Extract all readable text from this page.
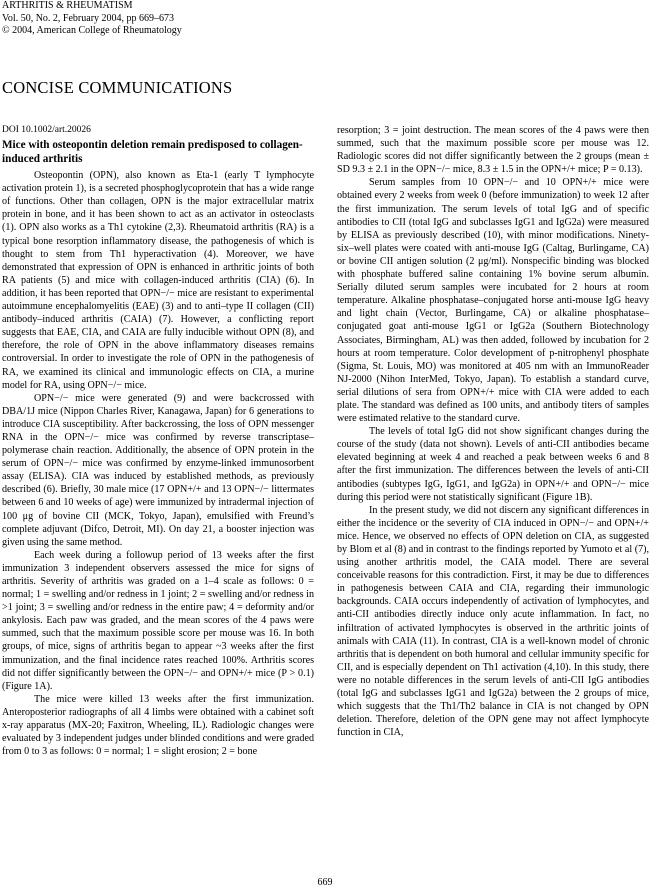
ARTHRITIS & RHEUMATISM
Vol. 50, No. 2, February 2004, pp 669–673
© 2004, American College of Rheumatology
CONCISE COMMUNICATIONS
DOI 10.1002/art.20026
Mice with osteopontin deletion remain predisposed to collagen-induced arthritis

Osteopontin (OPN), also known as Eta-1 (early T lymphocyte activation protein 1), is a secreted phosphoglycoprotein that has a wide range of functions. Other than collagen, OPN is the major extracellular matrix protein in bone, and it has been shown to act as an activator in osteoclasts (1). OPN also works as a Th1 cytokine (2,3). Rheumatoid arthritis (RA) is a typical bone resorption inflammatory disease, the pathogenesis of which is thought to stem from Th1 hyperactivation (4). Moreover, we have demonstrated that expression of OPN is enhanced in arthritic joints of both RA patients (5) and mice with collagen-induced arthritis (CIA) (6). In addition, it has been reported that OPN−/− mice are resistant to experimental autoimmune encephalomyelitis (EAE) (3) and to anti–type II collagen (CII) antibody–induced arthritis (CAIA) (7). However, a conflicting report suggests that EAE, CIA, and CAIA are fully inducible without OPN (8), and therefore, the role of OPN in the above inflammatory diseases remains controversial. In order to investigate the role of OPN in the pathogenesis of RA, we examined its clinical and immunologic effects on CIA, a murine model for RA, using OPN−/− mice.

OPN−/− mice were generated (9) and were backcrossed with DBA/1J mice (Nippon Charles River, Kanagawa, Japan) for 6 generations to introduce CIA susceptibility. After backcrossing, the loss of OPN messenger RNA in the OPN−/− mice was confirmed by reverse transcriptase–polymerase chain reaction. Additionally, the absence of OPN protein in the serum of OPN−/− mice was confirmed by enzyme-linked immunosorbent assay (ELISA). CIA was induced by established methods, as previously described (6). Briefly, 30 male mice (17 OPN+/+ and 13 OPN−/− littermates between 6 and 10 weeks of age) were immunized by intradermal injection of 100 μg of bovine CII (MCK, Tokyo, Japan), emulsified with Freund’s complete adjuvant (Difco, Detroit, MI). On day 21, a booster injection was given using the same method.

Each week during a followup period of 13 weeks after the first immunization 3 independent observers assessed the mice for signs of arthritis. Severity of arthritis was graded on a 1–4 scale as follows: 0 = normal; 1 = swelling and/or redness in 1 joint; 2 = swelling and/or redness in >1 joint; 3 = swelling and/or redness in the entire paw; 4 = deformity and/or ankylosis. Each paw was graded, and the mean scores of the 4 paws were summed, such that the maximum possible score per mouse was 16. In both groups, of mice, signs of arthritis began to appear ~3 weeks after the first immunization, and the final incidence rates reached 100%. Arthritis scores did not differ significantly between the OPN−/− and OPN+/+ mice (P > 0.1) (Figure 1A).

The mice were killed 13 weeks after the first immunization. Anteroposterior radiographs of all 4 limbs were obtained with a cabinet soft x-ray apparatus (MX-20; Faxitron, Wheeling, IL). Radiologic changes were evaluated by 3 independent judges under blinded conditions and were graded from 0 to 3 as follows: 0 = normal; 1 = slight erosion; 2 = bone

resorption; 3 = joint destruction. The mean scores of the 4 paws were then summed, such that the maximum possible score per mouse was 12. Radiologic scores did not differ significantly between the 2 groups (mean ± SD 9.3 ± 2.1 in the OPN−/− mice, 8.3 ± 1.5 in the OPN+/+ mice; P = 0.13).

Serum samples from 10 OPN−/− and 10 OPN+/+ mice were obtained every 2 weeks from week 0 (before immunization) to week 12 after the first immunization. The serum levels of total IgG and of specific antibodies to CII (total IgG and subclasses IgG1 and IgG2a) were measured by ELISA as previously described (10), with minor modifications. Ninety-six–well plates were coated with anti-mouse IgG (Caltag, Burlingame, CA) or bovine CII antigen solution (2 μg/ml). Nonspecific binding was blocked with phosphate buffered saline containing 1% bovine serum albumin. Serially diluted serum samples were incubated for 2 hours at room temperature. Alkaline phosphatase–conjugated horse anti-mouse IgG heavy and light chain (Vector, Burlingame, CA) or alkaline phosphatase–conjugated goat anti-mouse IgG1 or IgG2a (Southern Biotechnology Associates, Birmingham, AL) was then added, followed by incubation for 2 hours at room temperature. Color development of p-nitrophenyl phosphate (Sigma, St. Louis, MO) was monitored at 405 nm with an ImmunoReader NJ-2000 (Nihon InterMed, Tokyo, Japan). To establish a standard curve, serial dilutions of sera from OPN+/+ mice with CIA were added to each plate. The standard was defined as 100 units, and antibody titers of samples were estimated relative to the standard curve.

The levels of total IgG did not show significant changes during the course of the study (data not shown). Levels of anti-CII antibodies became elevated beginning at week 4 and reached a peak between weeks 6 and 8 after the first immunization. The differences between the levels of anti-CII antibodies (subtypes IgG, IgG1, and IgG2a) in OPN+/+ and OPN−/− mice during this period were not statistically significant (Figure 1B).

In the present study, we did not discern any significant differences in either the incidence or the severity of CIA induced in OPN−/− and OPN+/+ mice. Hence, we observed no effects of OPN deletion on CIA, as suggested by Blom et al (8) and in contrast to the findings reported by Yumoto et al (7), using another arthritis model, the CAIA model. There are several conceivable reasons for this contradiction. First, it may be due to differences in pathogenesis between CAIA and CIA, regarding their immunologic backgrounds. CAIA occurs independently of activation of lymphocytes, and anti-CII antibodies directly induce only acute inflammation. In fact, no infiltration of activated lymphocytes is observed in the arthritic joints of animals with CAIA (11). In contrast, CIA is a well-known model of chronic arthritis that is dependent on both humoral and cellular immunity specific for CII, and is especially dependent on Th1 activation (4,10). In this study, there were no notable differences in the serum levels of anti-CII IgG antibodies (total IgG and subclasses IgG1 and IgG2a) between the 2 groups of mice, which suggests that the Th1/Th2 balance in CIA is not changed by OPN deletion. Therefore, deletion of the OPN gene may not affect lymphocyte function in CIA,

669
